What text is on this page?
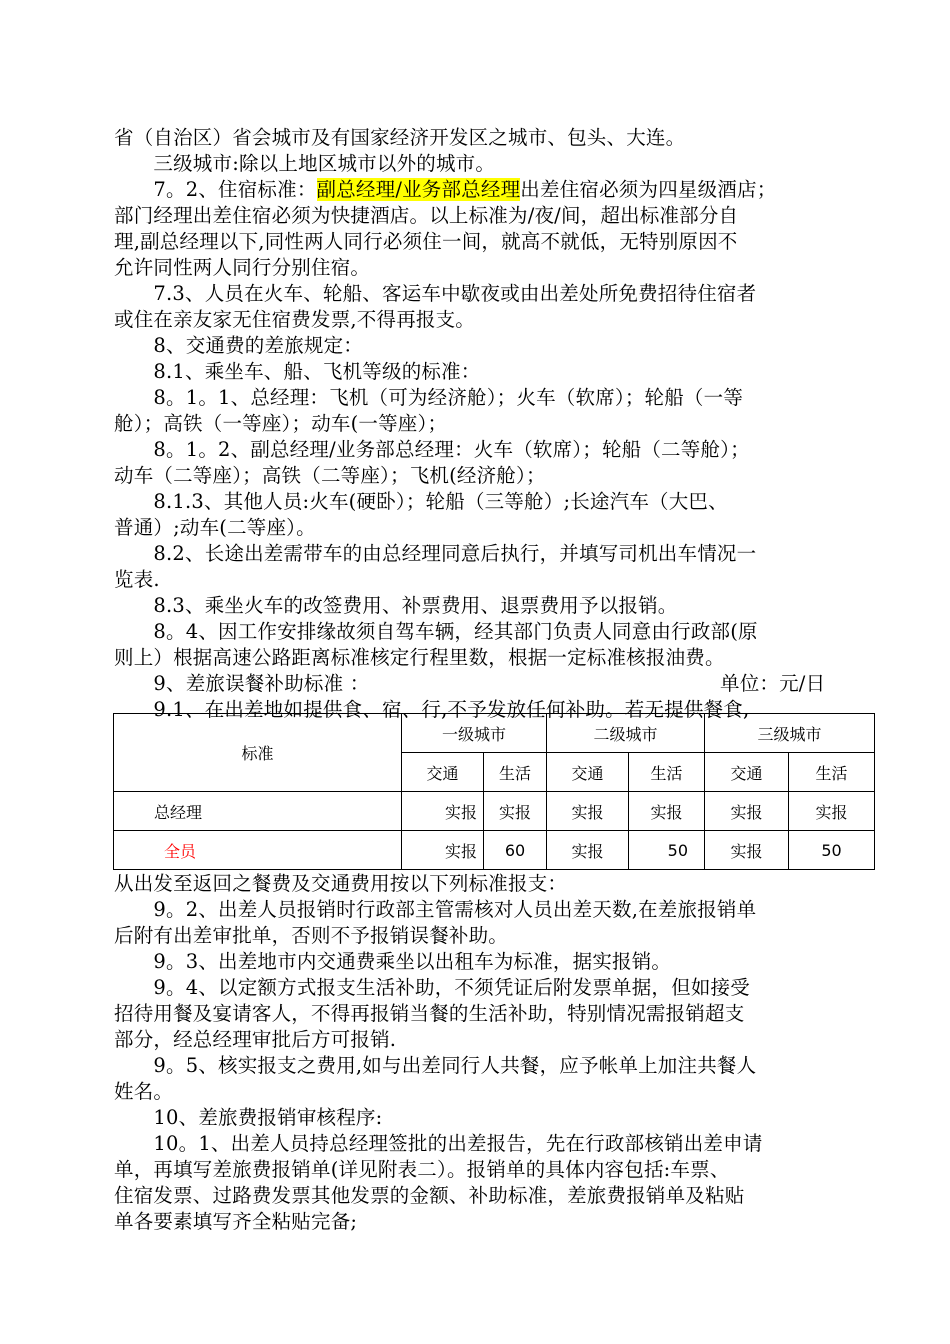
省（自治区）省会城市及有国家经济开发区之城市、包头、大连。
　　三级城市:除以上地区城市以外的城市。
　　7。2、住宿标准：副总经理/业务部总经理出差住宿必须为四星级酒店；
部门经理出差住宿必须为快捷酒店。以上标准为/夜/间，超出标准部分自
理,副总经理以下,同性两人同行必须住一间，就高不就低，无特别原因不
允许同性两人同行分别住宿。
　　7.3、人员在火车、轮船、客运车中歇夜或由出差处所免费招待住宿者
或住在亲友家无住宿费发票,不得再报支。
　　8、交通费的差旅规定：
　　8.1、乘坐车、船、飞机等级的标准：
　　8。1。1、总经理：飞机（可为经济舱）；火车（软席）；轮船（一等
舱）；高铁（一等座）；动车(一等座）；
　　8。1。2、副总经理/业务部总经理：火车（软席）；轮船（二等舱）；
动车（二等座）；高铁（二等座）；飞机(经济舱）；
　　8.1.3、其他人员:火车(硬卧）；轮船（三等舱）;长途汽车（大巴、
普通）;动车(二等座）。
　　8.2、长途出差需带车的由总经理同意后执行，并填写司机出车情况一
览表.
　　8.3、乘坐火车的改签费用、补票费用、退票费用予以报销。
　　8。4、因工作安排缘故须自驾车辆，经其部门负责人同意由行政部(原
则上）根据高速公路距离标准核定行程里数，根据一定标准核报油费。
　　9、差旅误餐补助标准 ：	单位：元/日
　　9.1、在出差地如提供食、宿、行,不予发放任何补助。若无提供餐食,
标准	一级城市		二级城市		三级城市	
	交通	生活	交通	生活	交通	生活
总经理	实报	实报	实报	实报	实报	实报
全员	实报	60	实报	50	实报	50
从出发至返回之餐费及交通费用按以下列标准报支：
　　9。2、出差人员报销时行政部主管需核对人员出差天数,在差旅报销单
后附有出差审批单，否则不予报销误餐补助。
　　9。3、出差地市内交通费乘坐以出租车为标准，据实报销。
　　9。4、以定额方式报支生活补助，不须凭证后附发票单据，但如接受
招待用餐及宴请客人，不得再报销当餐的生活补助，特别情况需报销超支
部分，经总经理审批后方可报销.
　　9。5、核实报支之费用,如与出差同行人共餐，应予帐单上加注共餐人
姓名。
　　10、差旅费报销审核程序:
　　10。1、出差人员持总经理签批的出差报告，先在行政部核销出差申请
单，再填写差旅费报销单(详见附表二）。报销单的具体内容包括:车票、
住宿发票、过路费发票其他发票的金额、补助标准，差旅费报销单及粘贴
单各要素填写齐全粘贴完备;
